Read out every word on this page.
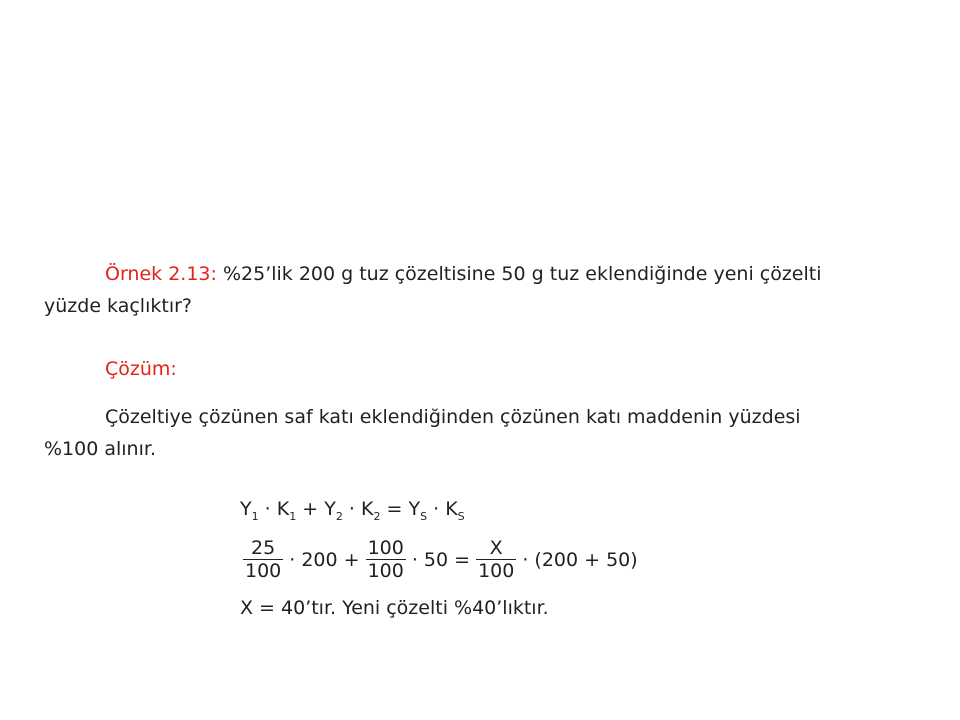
Örnek 2.13: %25’lik 200 g tuz çözeltisine 50 g tuz eklendiğinde yeni çözelti
yüzde kaçlıktır?
Çözüm:
Çözeltiye çözünen saf katı eklendiğinden çözünen katı maddenin yüzdesi
%100 alınır.
$Y_1 \cdot K_1 + Y_2 \cdot K_2 = Y_S \cdot K_S$
$\frac{25}{100} \cdot 200 + \frac{100}{100} \cdot 50 = \frac{X}{100} \cdot (200 + 50)$
X = 40’tır. Yeni çözelti %40’lıktır.
